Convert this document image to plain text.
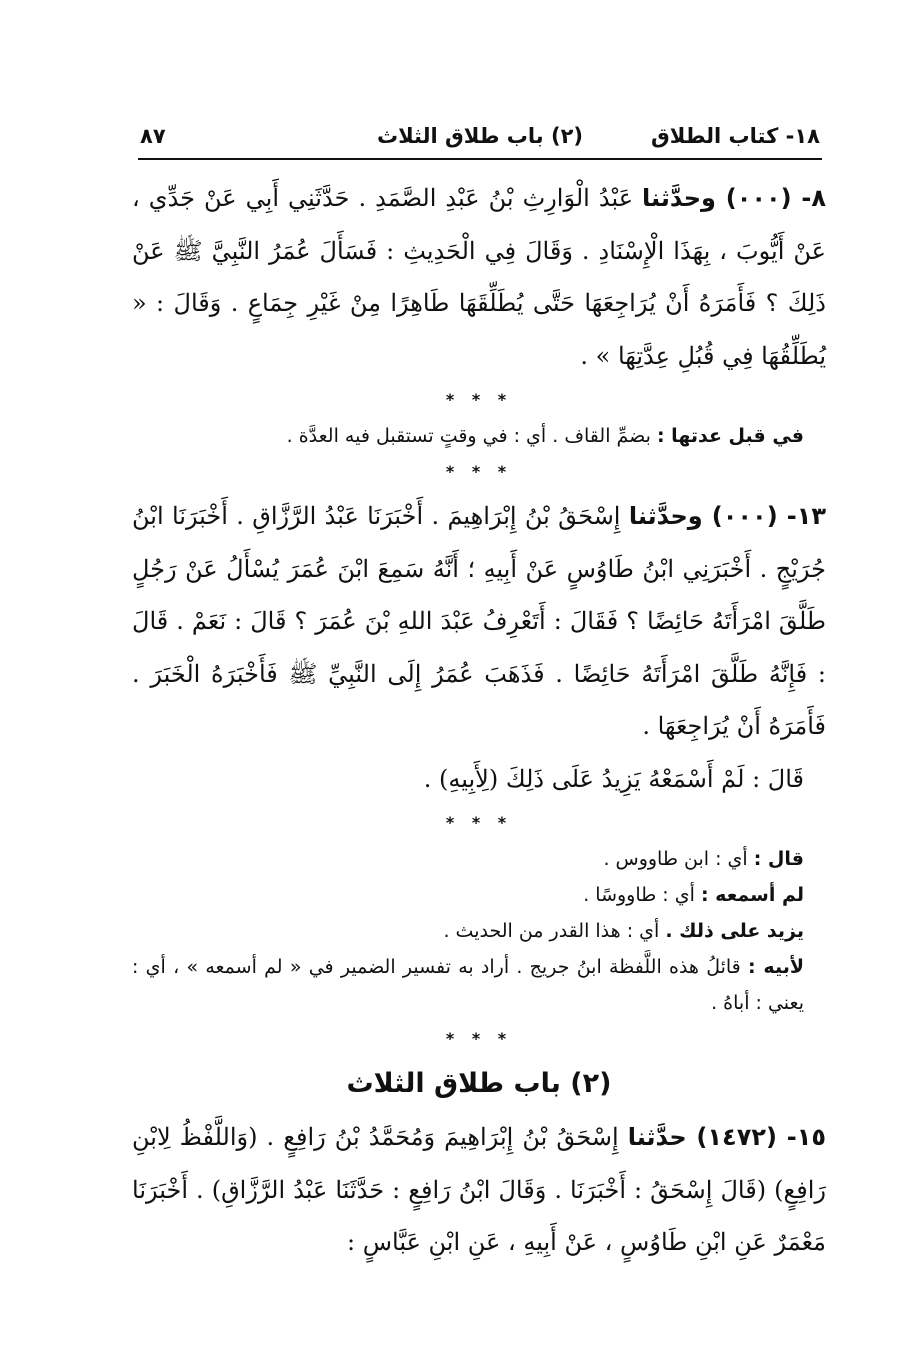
١٨- كتاب الطلاق
(٢) باب طلاق الثلاث
٨٧

٨- (٠٠٠) وحدَّثنا عَبْدُ الْوَارِثِ بْنُ عَبْدِ الصَّمَدِ . حَدَّثَنِي أَبِي عَنْ جَدِّي ، عَنْ أَيُّوبَ ، بِهَذَا الْإِسْنَادِ . وَقَالَ فِي الْحَدِيثِ : فَسَأَلَ عُمَرُ النَّبِيَّ ﷺ عَنْ ذَلِكَ ؟ فَأَمَرَهُ أَنْ يُرَاجِعَهَا حَتَّى يُطَلِّقَهَا طَاهِرًا مِنْ غَيْرِ جِمَاعٍ . وَقَالَ : « يُطَلِّقُهَا فِي قُبُلِ عِدَّتِهَا » .

* * *

في قبل عدتها : بضمِّ القاف . أي : في وقتٍ تستقبل فيه العدَّة .

* * *

١٣- (٠٠٠) وحدَّثنا إِسْحَقُ بْنُ إِبْرَاهِيمَ . أَخْبَرَنَا عَبْدُ الرَّزَّاقِ . أَخْبَرَنَا ابْنُ جُرَيْجٍ . أَخْبَرَنِي ابْنُ طَاوُسٍ عَنْ أَبِيهِ ؛ أَنَّهُ سَمِعَ ابْنَ عُمَرَ يُسْأَلُ عَنْ رَجُلٍ طَلَّقَ امْرَأَتَهُ حَائِضًا ؟ فَقَالَ : أَتَعْرِفُ عَبْدَ اللهِ بْنَ عُمَرَ ؟ قَالَ : نَعَمْ . قَالَ : فَإِنَّهُ طَلَّقَ امْرَأَتَهُ حَائِضًا . فَذَهَبَ عُمَرُ إِلَى النَّبِيِّ ﷺ فَأَخْبَرَهُ الْخَبَرَ . فَأَمَرَهُ أَنْ يُرَاجِعَهَا .

قَالَ : لَمْ أَسْمَعْهُ يَزِيدُ عَلَى ذَلِكَ (لِأَبِيهِ) .

* * *

قال : أي : ابن طاووس .

لم أسمعه : أي : طاووسًا .

يزيد على ذلك . أي : هذا القدر من الحديث .

لأبيه : قائلُ هذه اللَّفظة ابنُ جريج . أراد به تفسير الضمير في « لم أسمعه » ، أي : يعني : أباهُ .

* * *

(٢) باب طلاق الثلاث

١٥- (١٤٧٢) حدَّثنا إِسْحَقُ بْنُ إِبْرَاهِيمَ وَمُحَمَّدُ بْنُ رَافِعٍ . (وَاللَّفْظُ لِابْنِ رَافِعٍ) (قَالَ إِسْحَقُ : أَخْبَرَنَا . وَقَالَ ابْنُ رَافِعٍ : حَدَّثَنَا عَبْدُ الرَّزَّاقِ) . أَخْبَرَنَا مَعْمَرٌ عَنِ ابْنِ طَاوُسٍ ، عَنْ أَبِيهِ ، عَنِ ابْنِ عَبَّاسٍ :
